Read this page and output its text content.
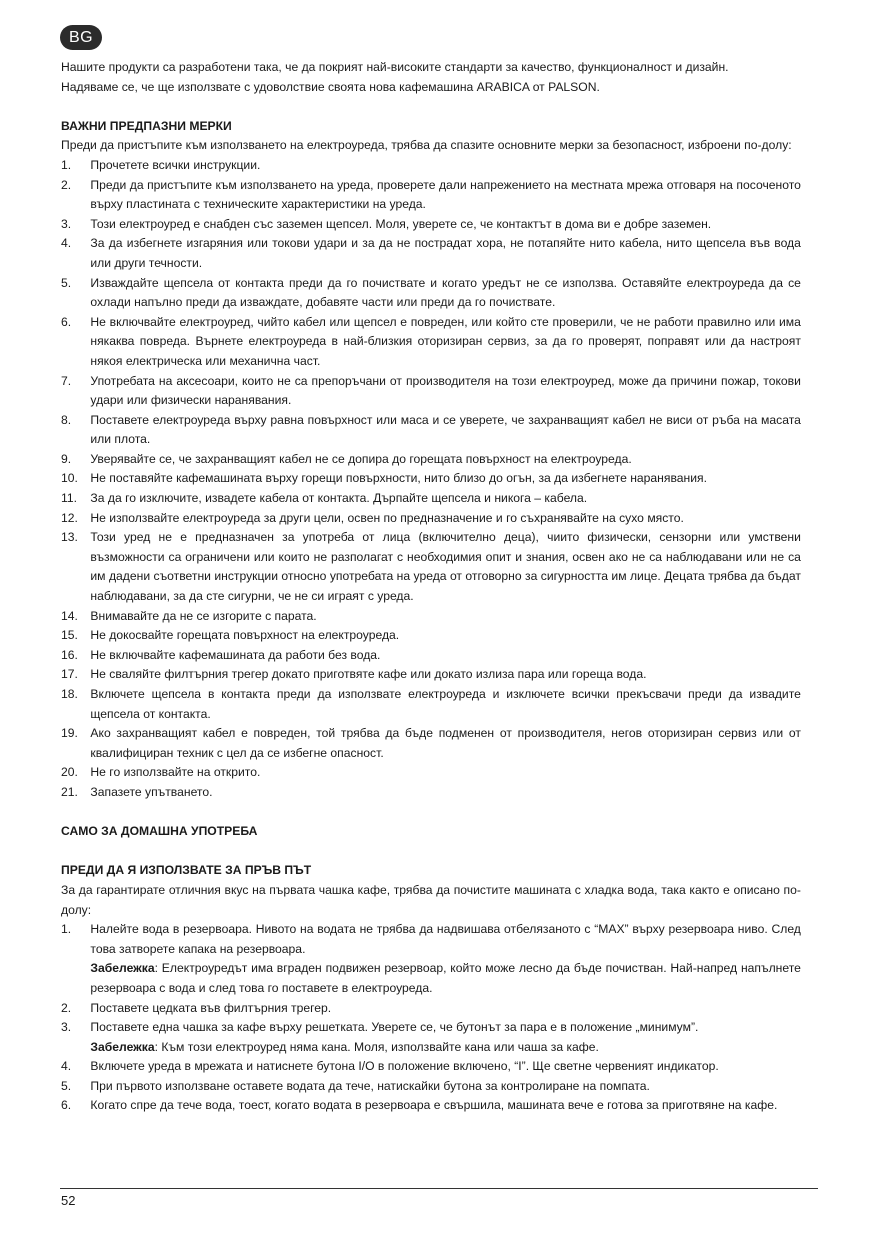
BG

Нашите продукти са разработени така, че да покрият най-високите стандарти за качество, функционалност и дизайн.

Надяваме се, че ще използвате с удоволствие своята нова кафемашина ARABICA от PALSON.

ВАЖНИ ПРЕДПАЗНИ МЕРКИ

Преди да пристъпите към използването на електроуреда, трябва да спазите основните мерки за безопасност, изброени по-долу:

1. Прочетете всички инструкции.
2. Преди да пристъпите към използването на уреда, проверете дали напрежението на местната мрежа отговаря на посоченото върху пластината с техническите характеристики на уреда.
3. Този електроуред е снабден със заземен щепсел. Моля, уверете се, че контактът в дома ви е добре заземен.
4. За да избегнете изгаряния или токови удари и за да не пострадат хора, не потапяйте нито кабела, нито щепсела във вода или други течности.
5. Изваждайте щепсела от контакта преди да го почиствате и когато уредът не се използва. Оставяйте електроуреда да се охлади напълно преди да изваждате, добавяте части или преди да го почиствате.
6. Не включвайте електроуред, чийто кабел или щепсел е повреден, или който сте проверили, че не работи правилно или има някаква повреда. Върнете електроуреда в най-близкия оторизиран сервиз, за да го проверят, поправят или да настроят някоя електрическа или механична част.
7. Употребата на аксесоари, които не са препоръчани от производителя на този електроуред, може да причини пожар, токови удари или физически наранявания.
8. Поставете електроуреда върху равна повърхност или маса и се уверете, че захранващият кабел не виси от ръба на масата или плота.
9. Уверявайте се, че захранващият кабел не се допира до горещата повърхност на електроуреда.
10. Не поставяйте кафемашината върху горещи повърхности, нито близо до огън, за да избегнете наранявания.
11. За да го изключите, извадете кабела от контакта. Дърпайте щепсела и никога – кабела.
12. Не използвайте електроуреда за други цели, освен по предназначение и го съхранявайте на сухо място.
13. Този уред не е предназначен за употреба от лица (включително деца), чиито физически, сензорни или умствени възможности са ограничени или които не разполагат с необходимия опит и знания, освен ако не са наблюдавани или не са им дадени съответни инструкции относно употребата на уреда от отговорно за сигурността им лице. Децата трябва да бъдат наблюдавани, за да сте сигурни, че не си играят с уреда.
14. Внимавайте да не се изгорите с парата.
15. Не докосвайте горещата повърхност на електроуреда.
16. Не включвайте кафемашината да работи без вода.
17. Не сваляйте филтърния трегер докато приготвяте кафе или докато излиза пара или гореща вода.
18. Включете щепсела в контакта преди да използвате електроуреда и изключете всички прекъсвачи преди да извадите щепсела от контакта.
19. Ако захранващият кабел е повреден, той трябва да бъде подменен от производителя, негов оторизиран сервиз или от квалифициран техник с цел да се избегне опасност.
20. Не го използвайте на открито.
21. Запазете упътването.
САМО ЗА ДОМАШНА УПОТРЕБА
ПРЕДИ ДА Я ИЗПОЛЗВАТЕ ЗА ПРЪВ ПЪТ

За да гарантирате отличния вкус на първата чашка кафе, трябва да почистите машината с хладка вода, така както е описано по-долу:

1. Налейте вода в резервоара. Нивото на водата не трябва да надвишава отбелязаното с “MAX” върху резервоара ниво. След това затворете капака на резервоара.
Забележка: Електроуредът има вграден подвижен резервоар, който може лесно да бъде почистван. Най-напред напълнете резервоара с вода и след това го поставете в електроуреда.
2. Поставете цедката във филтърния трегер.
3. Поставете една чашка за кафе върху решетката. Уверете се, че бутонът за пара е в положение „минимум”.
Забележка: Към този електроуред няма кана. Моля, използвайте кана или чаша за кафе.
4. Включете уреда в мрежата и натиснете бутона I/O в положение включено, “I”. Ще светне червеният индикатор.
5. При първото използване оставете водата да тече, натискайки бутона за контролиране на помпата.
6. Когато спре да тече вода, тоест, когато водата в резервоара е свършила, машината вече е готова за приготвяне на кафе.
52
